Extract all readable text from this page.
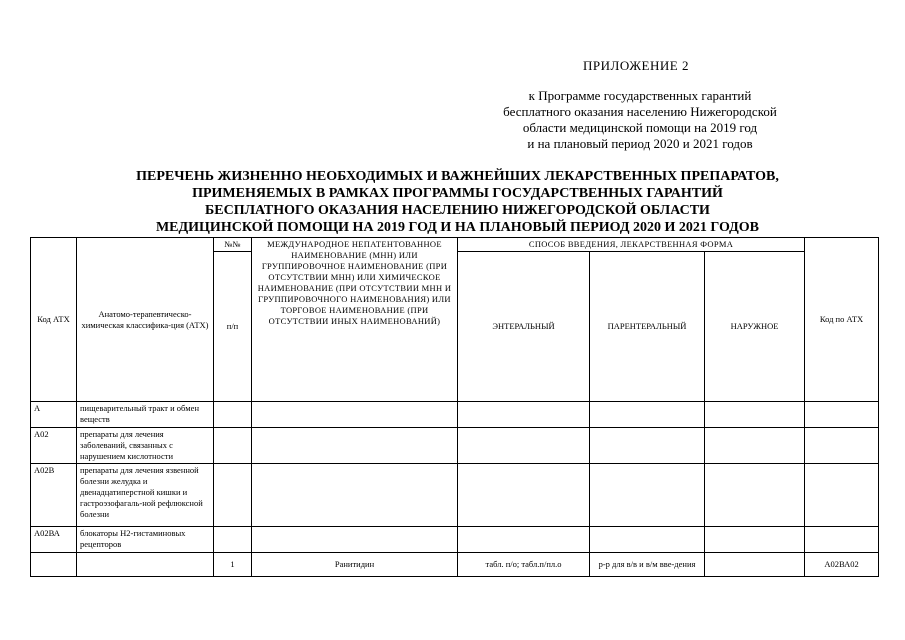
ПРИЛОЖЕНИЕ 2
к Программе государственных гарантий
бесплатного оказания населению Нижегородской
области медицинской помощи на 2019 год
и на плановый период 2020 и 2021 годов
ПЕРЕЧЕНЬ ЖИЗНЕННО НЕОБХОДИМЫХ И ВАЖНЕЙШИХ ЛЕКАРСТВЕННЫХ ПРЕПАРАТОВ,
ПРИМЕНЯЕМЫХ В РАМКАХ ПРОГРАММЫ ГОСУДАРСТВЕННЫХ ГАРАНТИЙ
БЕСПЛАТНОГО ОКАЗАНИЯ НАСЕЛЕНИЮ НИЖЕГОРОДСКОЙ ОБЛАСТИ
МЕДИЦИНСКОЙ ПОМОЩИ НА 2019 ГОД И НА ПЛАНОВЫЙ ПЕРИОД 2020 И 2021 ГОДОВ
Код АТХ	Анатомо-терапевтическо-химическая классифика-ция (АТХ)	№№	МЕЖДУНАРОДНОЕ НЕПАТЕНТОВАННОЕ НАИМЕНОВАНИЕ (МНН) ИЛИ ГРУППИРОВОЧНОЕ НАИМЕНОВАНИЕ (ПРИ ОТСУТСТВИИ МНН) ИЛИ ХИМИЧЕСКОЕ НАИМЕНОВАНИЕ (ПРИ ОТСУТСТВИИ МНН И ГРУППИРОВОЧНОГО НАИМЕНОВАНИЯ) ИЛИ ТОРГОВОЕ НАИМЕНОВАНИЕ (ПРИ ОТСУТСТВИИ ИНЫХ НАИМЕНОВАНИЙ)	СПОСОБ ВВЕДЕНИЯ, ЛЕКАРСТВЕННАЯ ФОРМА			Код по АТХ
		п/п		ЭНТЕРАЛЬНЫЙ	ПАРЕНТЕРАЛЬНЫЙ	НАРУЖНОЕ	
А	пищеварительный тракт и обмен веществ						
А02	препараты для лечения заболеваний, связанных с нарушением кислотности						
А02В	препараты для лечения язвенной болезни желудка и двенадцатиперстной кишки и гастроэзофагаль-ной рефлюксной болезни						
А02ВА	блокаторы Н2-гистаминовых рецепторов						
		1	Ранитидин	табл. п/о; табл.п/пл.о	р-р для в/в и в/м вве-дения		А02ВА02
